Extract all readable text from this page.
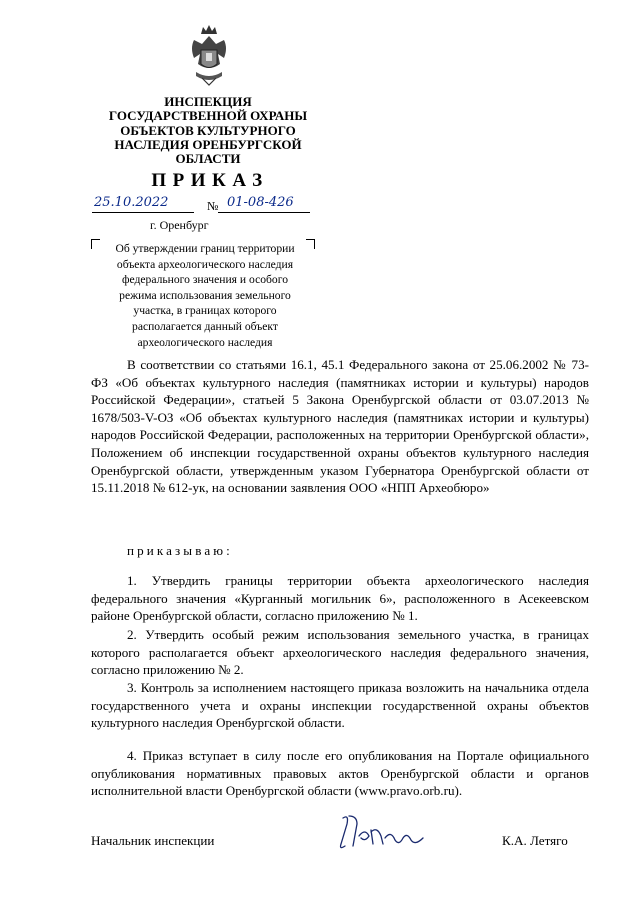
ИНСПЕКЦИЯ
ГОСУДАРСТВЕННОЙ ОХРАНЫ
ОБЪЕКТОВ КУЛЬТУРНОГО
НАСЛЕДИЯ ОРЕНБУРГСКОЙ
ОБЛАСТИ
ПРИКАЗ
25.10.2022	№ 01-08-426
г. Оренбург
Об утверждении границ территории
объекта археологического наследия
федерального значения и особого
режима использования земельного
участка, в границах которого
располагается данный объект
археологического наследия

В соответствии со статьями 16.1, 45.1 Федерального закона от 25.06.2002 № 73-ФЗ «Об объектах культурного наследия (памятниках истории и культуры) народов Российской Федерации», статьей 5 Закона Оренбургской области от 03.07.2013 № 1678/503-V-ОЗ «Об объектах культурного наследия (памятниках истории и культуры) народов Российской Федерации, расположенных на территории Оренбургской области», Положением об инспекции государственной охраны объектов культурного наследия Оренбургской области, утвержденным указом Губернатора Оренбургской области от 15.11.2018 № 612-ук, на основании заявления ООО «НПП Археобюро»

приказываю:

1. Утвердить границы территории объекта археологического наследия федерального значения «Курганный могильник 6», расположенного в Асекеевском районе Оренбургской области, согласно приложению № 1.

2. Утвердить особый режим использования земельного участка, в границах которого располагается объект археологического наследия федерального значения, согласно приложению № 2.

3. Контроль за исполнением настоящего приказа возложить на начальника отдела государственного учета и охраны инспекции государственной охраны объектов культурного наследия Оренбургской области.

4. Приказ вступает в силу после его опубликования на Портале официального опубликования нормативных правовых актов Оренбургской области и органов исполнительной власти Оренбургской области (www.pravo.orb.ru).

Начальник инспекции	К.А. Летяго
